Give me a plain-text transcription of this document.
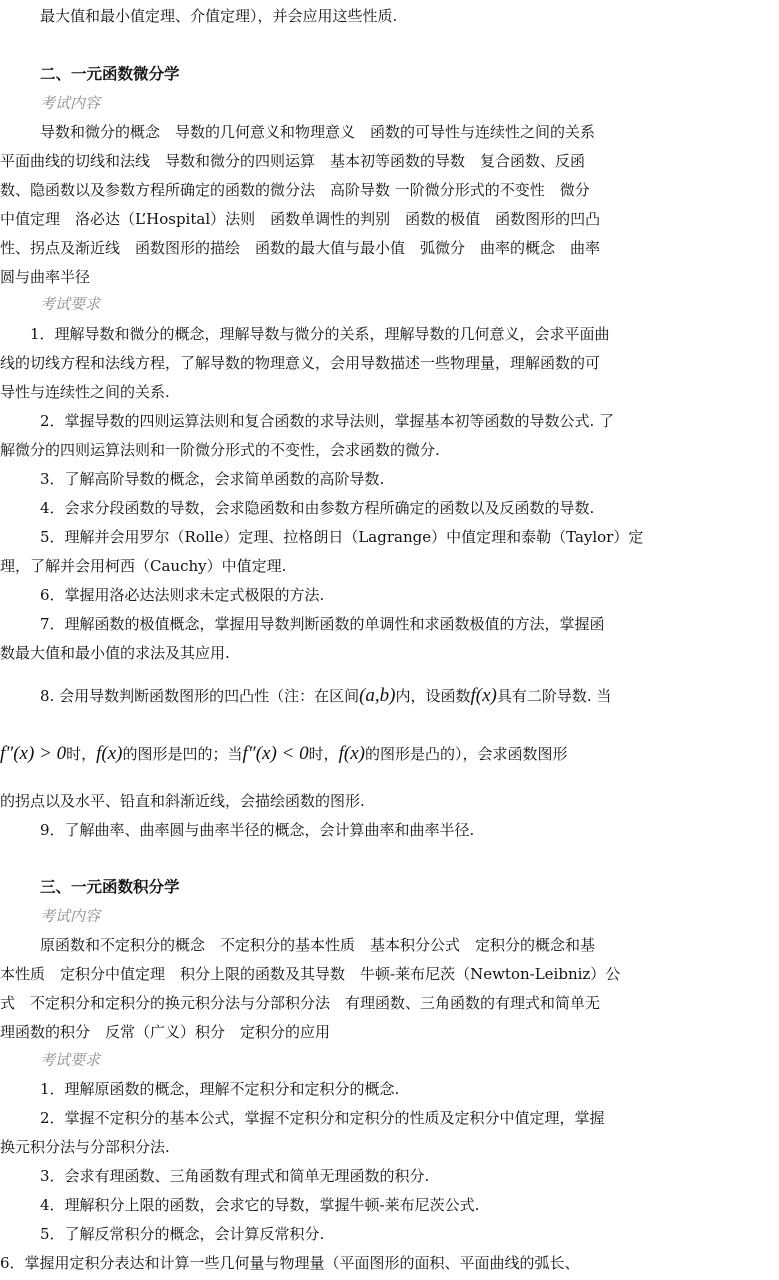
最大值和最小值定理、介值定理），并会应用这些性质.
二、一元函数微分学
考试内容
导数和微分的概念　导数的几何意义和物理意义　函数的可导性与连续性之间的关系
平面曲线的切线和法线　导数和微分的四则运算　基本初等函数的导数　复合函数、反函
数、隐函数以及参数方程所确定的函数的微分法　高阶导数 一阶微分形式的不变性　微分
中值定理　洛必达（L’Hospital）法则　函数单调性的判别　函数的极值　函数图形的凹凸
性、拐点及渐近线　函数图形的描绘　函数的最大值与最小值　弧微分　曲率的概念　曲率
圆与曲率半径
考试要求
1．理解导数和微分的概念，理解导数与微分的关系，理解导数的几何意义，会求平面曲
线的切线方程和法线方程，了解导数的物理意义，会用导数描述一些物理量，理解函数的可
导性与连续性之间的关系.
2．掌握导数的四则运算法则和复合函数的求导法则，掌握基本初等函数的导数公式. 了
解微分的四则运算法则和一阶微分形式的不变性，会求函数的微分.
3．了解高阶导数的概念，会求简单函数的高阶导数.
4．会求分段函数的导数，会求隐函数和由参数方程所确定的函数以及反函数的导数.
5．理解并会用罗尔（Rolle）定理、拉格朗日（Lagrange）中值定理和泰勒（Taylor）定
理，了解并会用柯西（Cauchy）中值定理.
6．掌握用洛必达法则求未定式极限的方法.
7．理解函数的极值概念，掌握用导数判断函数的单调性和求函数极值的方法，掌握函
数最大值和最小值的求法及其应用.
8. 会用导数判断函数图形的凹凸性（注：在区间(a,b)内，设函数f(x)具有二阶导数. 当
f″(x) > 0时，f(x)的图形是凹的；当f″(x) < 0时，f(x)的图形是凸的），会求函数图形
的拐点以及水平、铅直和斜渐近线，会描绘函数的图形.
9．了解曲率、曲率圆与曲率半径的概念，会计算曲率和曲率半径.
三、一元函数积分学
考试内容
原函数和不定积分的概念　不定积分的基本性质　基本积分公式　定积分的概念和基
本性质　定积分中值定理　积分上限的函数及其导数　牛顿-莱布尼茨（Newton-Leibniz）公
式　不定积分和定积分的换元积分法与分部积分法　有理函数、三角函数的有理式和简单无
理函数的积分　反常（广义）积分　定积分的应用
考试要求
1．理解原函数的概念，理解不定积分和定积分的概念.
2．掌握不定积分的基本公式，掌握不定积分和定积分的性质及定积分中值定理，掌握
换元积分法与分部积分法.
3．会求有理函数、三角函数有理式和简单无理函数的积分.
4．理解积分上限的函数，会求它的导数，掌握牛顿-莱布尼茨公式.
5．了解反常积分的概念，会计算反常积分.
6．掌握用定积分表达和计算一些几何量与物理量（平面图形的面积、平面曲线的弧长、
